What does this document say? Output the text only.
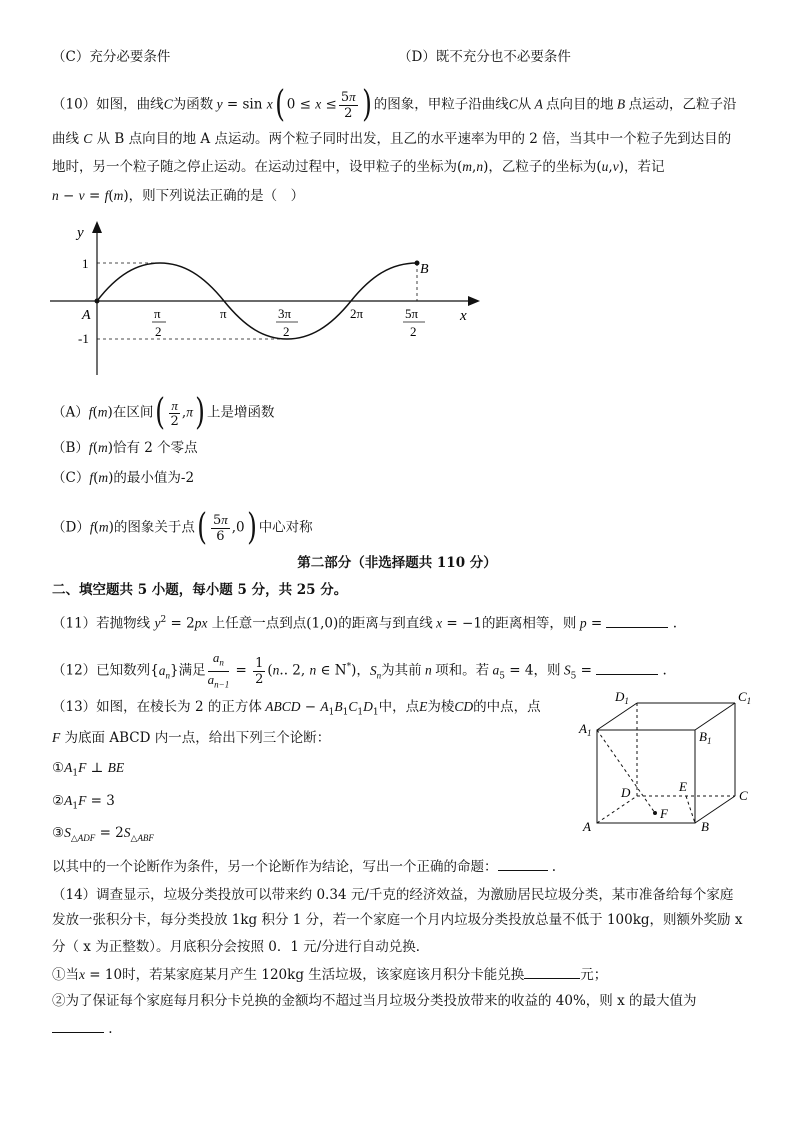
（C）充分必要条件	（D）既不充分也不必要条件
（10）如图，曲线C为函数 y = sin x( $0 \le x \le \frac{5\pi}{2}$ ) 的图象，甲粒子沿曲线C从 A 点向目的地 B 点运动，乙粒子沿
曲线 C 从 B 点向目的地 A 点运动。两个粒子同时出发，且乙的水平速率为甲的 2 倍，当其中一个粒子先到达目的
地时，另一个粒子随之停止运动。在运动过程中，设甲粒子的坐标为(m,n)，乙粒子的坐标为(u,v)，若记
n − v = f(m)，则下列说法正确的是（　）
y
x
1
-1
A
B
π
2
π	3π
2
2π	5π
2
（A）f(m)在区间( $\frac{\pi}{2} ,\pi$) 上是增函数
（B）f(m)恰有 2 个零点
（C）f(m)的最小值为-2
（D）f(m)的图象关于点( $\frac{5\pi}{6} ,0$) 中心对称
第二部分（非选择题共 110 分）
二、填空题共 5 小题，每小题 5 分，共 25 分。
（11）若抛物线 $y^2 = 2px$ 上任意一点到点(1,0)的距离与到直线 x = −1的距离相等，则 p =	.
（12）已知数列$\{a_n\}$满足 $\frac{a_n}{a_{n-1}} = \frac{1}{2} (n$.. 2, n ∈ N*)，$S_n$为其前 n 项和。若 $a_5 = 4$，则 $S_5$ =	.
（13）如图，在棱长为 2 的正方体 ABCD − $A_1B_1C_1D_1$中，点E为棱CD的中点，点
F 为底面 ABCD 内一点，给出下列三个论断：
$①A_1F$ ⊥ BE
$②A_1F = 3$
$③S_{\triangle ADF} = 2S_{\triangle ABF}$
以其中的一个论断作为条件，另一个论断作为结论，写出一个正确的命题：	.
$D_1$	$C_1$
$A_1$	$B_1$
D	E
C
A	B
F
（14）调查显示，垃圾分类投放可以带来约 0.34 元/千克的经济效益，为激励居民垃圾分类，某市准备给每个家庭
发放一张积分卡，每分类投放 1kg 积分 1 分，若一个家庭一个月内垃圾分类投放总量不低于 100kg，则额外奖励 x
分（ x 为正整数）。月底积分会按照 0．1 元/分进行自动兑换．
①当x = 10时，若某家庭某月产生 120kg 生活垃圾，该家庭该月积分卡能兑换	元；
②为了保证每个家庭每月积分卡兑换的金额均不超过当月垃圾分类投放带来的收益的 40%，则 x 的最大值为
.
